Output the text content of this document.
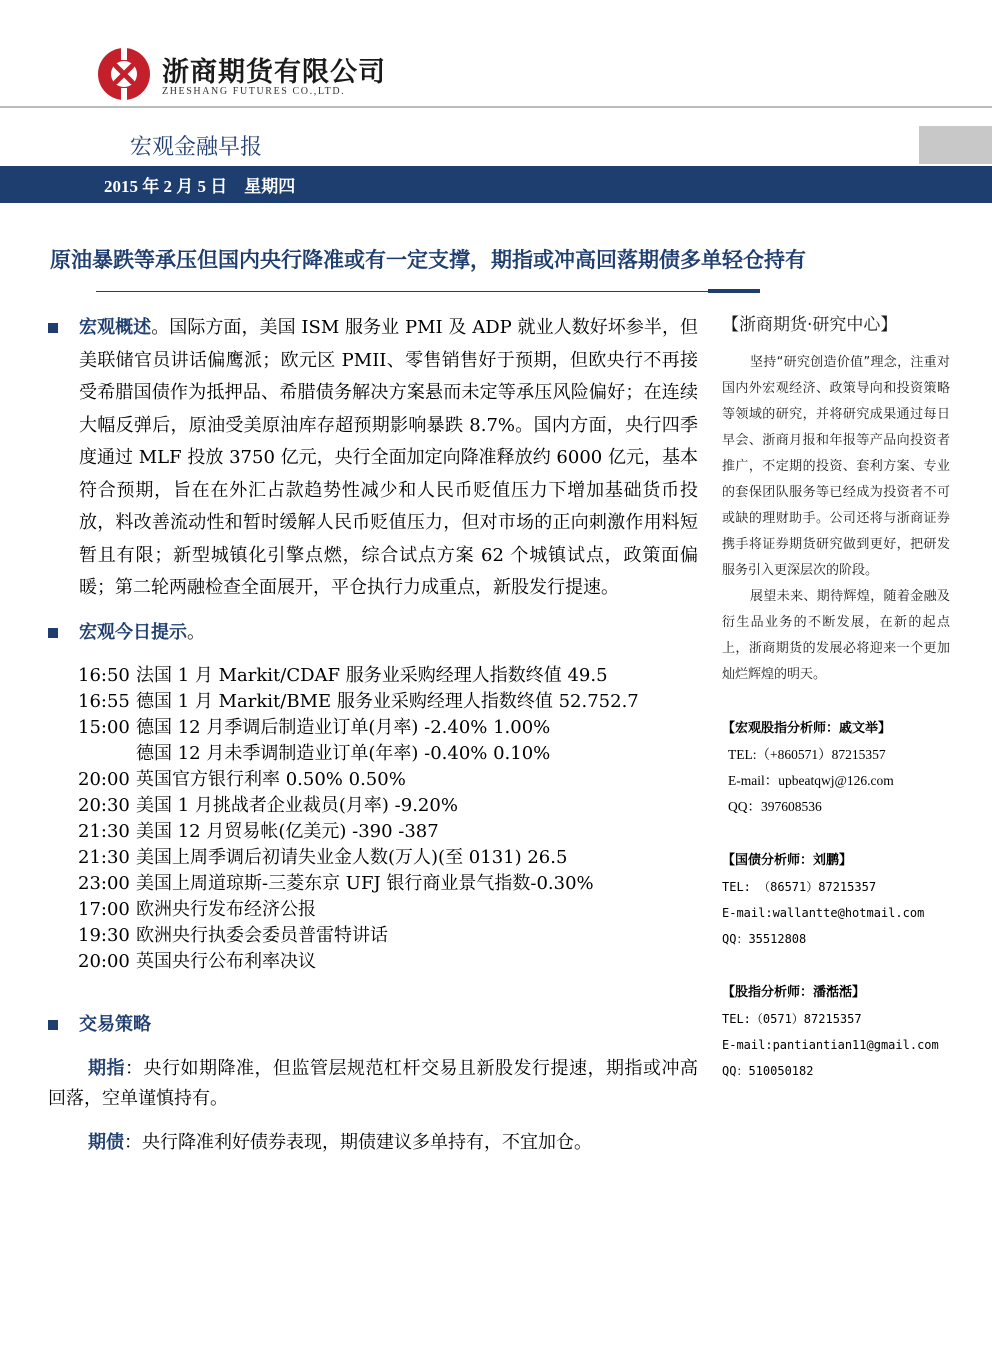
浙商期货有限公司
ZHESHANG FUTURES CO.,LTD.
宏观金融早报
2015 年 2 月 5 日    星期四
原油暴跌等承压但国内央行降准或有一定支撑，期指或冲高回落期债多单轻仓持有
宏观概述。国际方面，美国 ISM 服务业 PMI 及 ADP 就业人数好坏参半，但美联储官员讲话偏鹰派；欧元区 PMII、零售销售好于预期，但欧央行不再接受希腊国债作为抵押品、希腊债务解决方案悬而未定等承压风险偏好；在连续大幅反弹后，原油受美原油库存超预期影响暴跌 8.7%。国内方面，央行四季度通过 MLF 投放 3750 亿元，央行全面加定向降准释放约 6000 亿元，基本符合预期，旨在在外汇占款趋势性减少和人民币贬值压力下增加基础货币投放，料改善流动性和暂时缓解人民币贬值压力，但对市场的正向刺激作用料短暂且有限；新型城镇化引擎点燃，综合试点方案 62 个城镇试点，政策面偏暖；第二轮两融检查全面展开，平仓执行力成重点，新股发行提速。
宏观今日提示。
16:50 法国 1 月 Markit/CDAF 服务业采购经理人指数终值 49.5
16:55 德国 1 月 Markit/BME 服务业采购经理人指数终值 52.752.7
15:00 德国 12 月季调后制造业订单(月率) -2.40% 1.00%
德国 12 月未季调制造业订单(年率) -0.40% 0.10%
20:00 英国官方银行利率 0.50% 0.50%
20:30 美国 1 月挑战者企业裁员(月率) -9.20%
21:30 美国 12 月贸易帐(亿美元) -390 -387
21:30 美国上周季调后初请失业金人数(万人)(至 0131) 26.5
23:00 美国上周道琼斯-三菱东京 UFJ 银行商业景气指数-0.30%
17:00 欧洲央行发布经济公报
19:30 欧洲央行执委会委员普雷特讲话
20:00 英国央行公布利率决议
交易策略
期指：央行如期降准，但监管层规范杠杆交易且新股发行提速，期指或冲高回落，空单谨慎持有。
期债：央行降准利好债券表现，期债建议多单持有，不宜加仓。
【浙商期货·研究中心】
坚持“研究创造价值”理念，注重对国内外宏观经济、政策导向和投资策略等领域的研究，并将研究成果通过每日早会、浙商月报和年报等产品向投资者推广，不定期的投资、套利方案、专业的套保团队服务等已经成为投资者不可或缺的理财助手。公司还将与浙商证券携手将证券期货研究做到更好，把研发服务引入更深层次的阶段。
展望未来、期待辉煌，随着金融及衍生品业务的不断发展，在新的起点上，浙商期货的发展必将迎来一个更加灿烂辉煌的明天。
【宏观股指分析师：戚文举】
TEL:（+860571）87215357
E-mail：upbeatqwj@126.com
QQ：397608536
【国债分析师：刘鹏】
TEL: （86571）87215357
E-mail:wallantte@hotmail.com
QQ：35512808
【股指分析师：潘湉湉】
TEL:（0571）87215357
E-mail:pantiantian11@gmail.com
QQ：510050182
